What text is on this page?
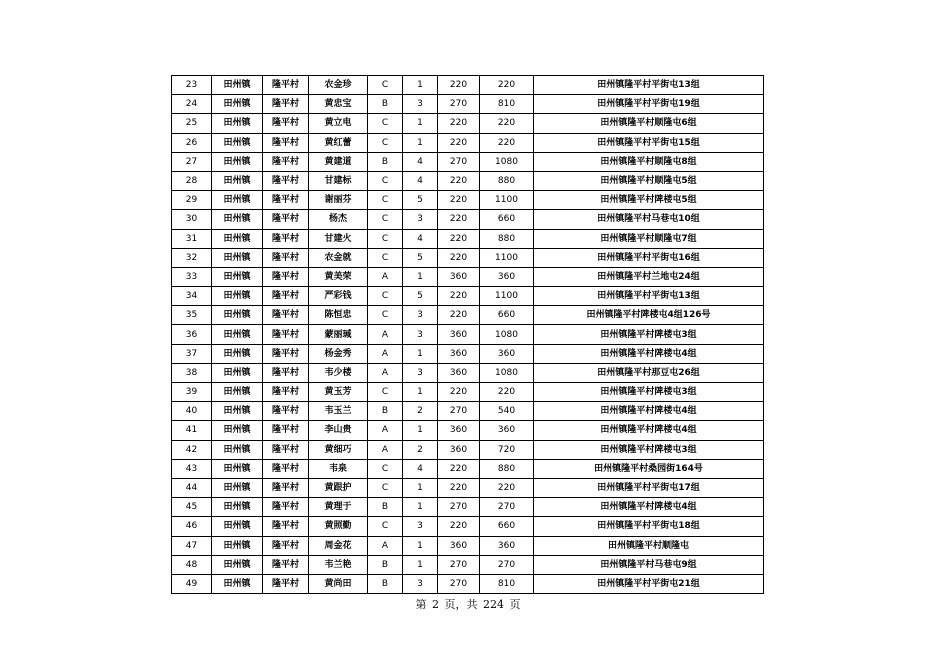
23	田州镇	隆平村	农金珍	C	1	220	220	田州镇隆平村平街屯13组
24	田州镇	隆平村	黄忠宝	B	3	270	810	田州镇隆平村平街屯19组
25	田州镇	隆平村	黄立电	C	1	220	220	田州镇隆平村顺隆屯6组
26	田州镇	隆平村	黄红蕾	C	1	220	220	田州镇隆平村平街屯15组
27	田州镇	隆平村	黄建道	B	4	270	1080	田州镇隆平村顺隆屯8组
28	田州镇	隆平村	甘建标	C	4	220	880	田州镇隆平村顺隆屯5组
29	田州镇	隆平村	谢丽芬	C	5	220	1100	田州镇隆平村陴楼屯5组
30	田州镇	隆平村	杨杰	C	3	220	660	田州镇隆平村马巷屯10组
31	田州镇	隆平村	甘建火	C	4	220	880	田州镇隆平村顺隆屯7组
32	田州镇	隆平村	农金就	C	5	220	1100	田州镇隆平村平街屯16组
33	田州镇	隆平村	黄美荣	A	1	360	360	田州镇隆平村兰地屯24组
34	田州镇	隆平村	严彩钱	C	5	220	1100	田州镇隆平村平街屯13组
35	田州镇	隆平村	陈恒忠	C	3	220	660	田州镇隆平村陴楼屯4组126号
36	田州镇	隆平村	蒙丽瑊	A	3	360	1080	田州镇隆平村陴楼屯3组
37	田州镇	隆平村	杨金秀	A	1	360	360	田州镇隆平村陴楼屯4组
38	田州镇	隆平村	韦少楼	A	3	360	1080	田州镇隆平村那豆屯26组
39	田州镇	隆平村	黄玉芳	C	1	220	220	田州镇隆平村陴楼屯3组
40	田州镇	隆平村	韦玉兰	B	2	270	540	田州镇隆平村陴楼屯4组
41	田州镇	隆平村	李山贵	A	1	360	360	田州镇隆平村陴楼屯4组
42	田州镇	隆平村	黄细巧	A	2	360	720	田州镇隆平村陴楼屯3组
43	田州镇	隆平村	韦泉	C	4	220	880	田州镇隆平村桑园街164号
44	田州镇	隆平村	黄跟护	C	1	220	220	田州镇隆平村平街屯17组
45	田州镇	隆平村	黄理于	B	1	270	270	田州镇隆平村陴楼屯4组
46	田州镇	隆平村	黄照勤	C	3	220	660	田州镇隆平村平街屯18组
47	田州镇	隆平村	周金花	A	1	360	360	田州镇隆平村顺隆屯
48	田州镇	隆平村	韦兰艳	B	1	270	270	田州镇隆平村马巷屯9组
49	田州镇	隆平村	黄尚田	B	3	270	810	田州镇隆平村平街屯21组
第 2 页，共 224 页
